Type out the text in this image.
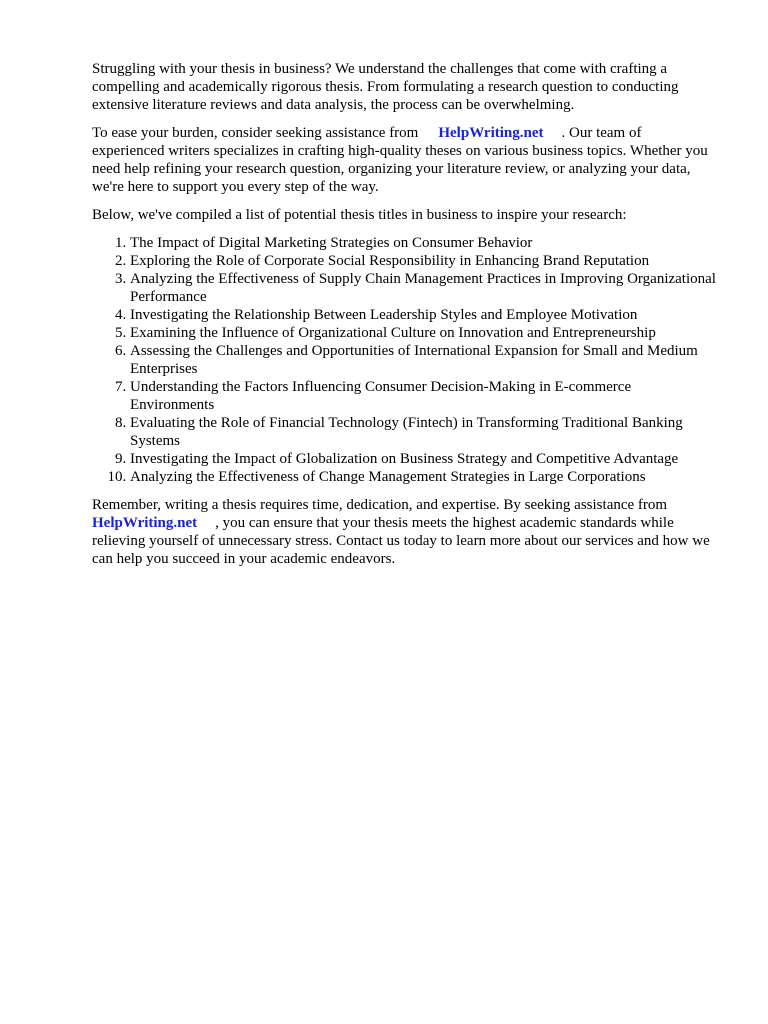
Struggling with your thesis in business? We understand the challenges that come with crafting a compelling and academically rigorous thesis. From formulating a research question to conducting extensive literature reviews and data analysis, the process can be overwhelming.

To ease your burden, consider seeking assistance from HelpWriting.net . Our team of experienced writers specializes in crafting high-quality theses on various business topics. Whether you need help refining your research question, organizing your literature review, or analyzing your data, we're here to support you every step of the way.

Below, we've compiled a list of potential thesis titles in business to inspire your research:

1. The Impact of Digital Marketing Strategies on Consumer Behavior
2. Exploring the Role of Corporate Social Responsibility in Enhancing Brand Reputation
3. Analyzing the Effectiveness of Supply Chain Management Practices in Improving Organizational Performance
4. Investigating the Relationship Between Leadership Styles and Employee Motivation
5. Examining the Influence of Organizational Culture on Innovation and Entrepreneurship
6. Assessing the Challenges and Opportunities of International Expansion for Small and Medium Enterprises
7. Understanding the Factors Influencing Consumer Decision-Making in E-commerce Environments
8. Evaluating the Role of Financial Technology (Fintech) in Transforming Traditional Banking Systems
9. Investigating the Impact of Globalization on Business Strategy and Competitive Advantage
10. Analyzing the Effectiveness of Change Management Strategies in Large Corporations

Remember, writing a thesis requires time, dedication, and expertise. By seeking assistance from HelpWriting.net , you can ensure that your thesis meets the highest academic standards while relieving yourself of unnecessary stress. Contact us today to learn more about our services and how we can help you succeed in your academic endeavors.
